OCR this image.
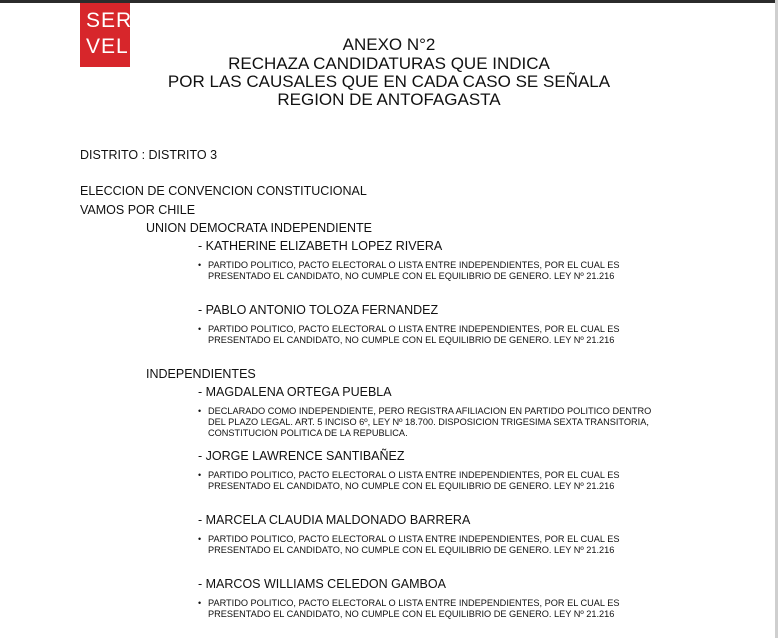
SER
VEL	ANEXO N°2
RECHAZA CANDIDATURAS QUE INDICA
POR LAS CAUSALES QUE EN CADA CASO SE SEÑALA
REGION DE ANTOFAGASTA
DISTRITO : DISTRITO 3
ELECCION DE CONVENCION CONSTITUCIONAL
VAMOS POR CHILE
UNION DEMOCRATA INDEPENDIENTE
- KATHERINE ELIZABETH LOPEZ RIVERA
• PARTIDO POLITICO, PACTO ELECTORAL O LISTA ENTRE INDEPENDIENTES, POR EL CUAL ES PRESENTADO EL CANDIDATO, NO CUMPLE CON EL EQUILIBRIO DE GENERO. LEY Nº 21.216
- PABLO ANTONIO TOLOZA FERNANDEZ
• PARTIDO POLITICO, PACTO ELECTORAL O LISTA ENTRE INDEPENDIENTES, POR EL CUAL ES PRESENTADO EL CANDIDATO, NO CUMPLE CON EL EQUILIBRIO DE GENERO. LEY Nº 21.216
INDEPENDIENTES
- MAGDALENA ORTEGA PUEBLA
• DECLARADO COMO INDEPENDIENTE, PERO REGISTRA AFILIACION EN PARTIDO POLITICO DENTRO DEL PLAZO LEGAL. ART. 5 INCISO 6º, LEY Nº 18.700. DISPOSICION TRIGESIMA SEXTA TRANSITORIA, CONSTITUCION POLITICA DE LA REPUBLICA.
- JORGE LAWRENCE SANTIBAÑEZ
• PARTIDO POLITICO, PACTO ELECTORAL O LISTA ENTRE INDEPENDIENTES, POR EL CUAL ES PRESENTADO EL CANDIDATO, NO CUMPLE CON EL EQUILIBRIO DE GENERO. LEY Nº 21.216
- MARCELA CLAUDIA MALDONADO BARRERA
• PARTIDO POLITICO, PACTO ELECTORAL O LISTA ENTRE INDEPENDIENTES, POR EL CUAL ES PRESENTADO EL CANDIDATO, NO CUMPLE CON EL EQUILIBRIO DE GENERO. LEY Nº 21.216
- MARCOS WILLIAMS CELEDON GAMBOA
• PARTIDO POLITICO, PACTO ELECTORAL O LISTA ENTRE INDEPENDIENTES, POR EL CUAL ES PRESENTADO EL CANDIDATO, NO CUMPLE CON EL EQUILIBRIO DE GENERO. LEY Nº 21.216
